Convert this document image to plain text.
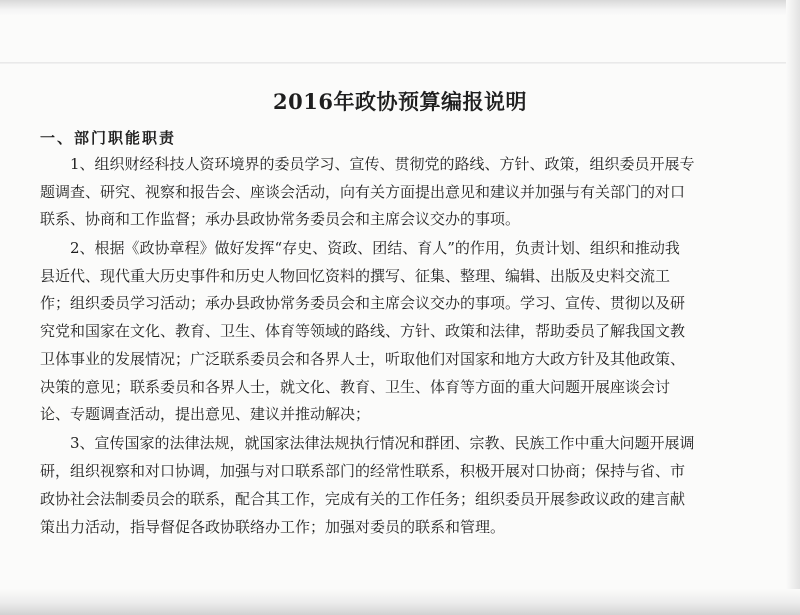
2016年政协预算编报说明
一、部门职能职责
1、组织财经科技人资环境界的委员学习、宣传、贯彻党的路线、方针、政策，组织委员开展专
题调查、研究、视察和报告会、座谈会活动，向有关方面提出意见和建议并加强与有关部门的对口
联系、协商和工作监督；承办县政协常务委员会和主席会议交办的事项。
2、根据《政协章程》做好发挥“存史、资政、团结、育人”的作用，负责计划、组织和推动我
县近代、现代重大历史事件和历史人物回忆资料的撰写、征集、整理、编辑、出版及史料交流工
作；组织委员学习活动；承办县政协常务委员会和主席会议交办的事项。学习、宣传、贯彻以及研
究党和国家在文化、教育、卫生、体育等领域的路线、方针、政策和法律，帮助委员了解我国文教
卫体事业的发展情况；广泛联系委员会和各界人士，听取他们对国家和地方大政方针及其他政策、
决策的意见；联系委员和各界人士，就文化、教育、卫生、体育等方面的重大问题开展座谈会讨
论、专题调查活动，提出意见、建议并推动解决；
3、宣传国家的法律法规，就国家法律法规执行情况和群团、宗教、民族工作中重大问题开展调
研，组织视察和对口协调，加强与对口联系部门的经常性联系，积极开展对口协商；保持与省、市
政协社会法制委员会的联系，配合其工作，完成有关的工作任务；组织委员开展参政议政的建言献
策出力活动，指导督促各政协联络办工作；加强对委员的联系和管理。
